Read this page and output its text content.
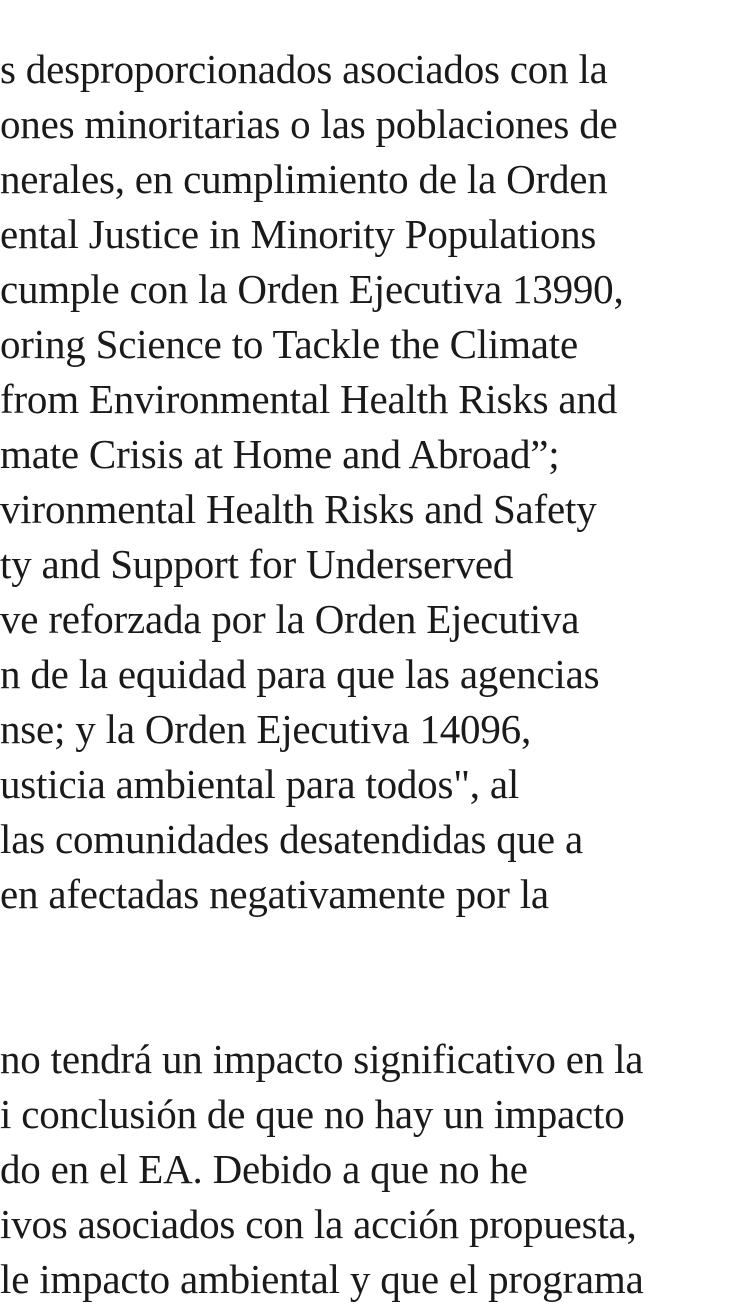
s desproporcionados asociados con la
ones minoritarias o las poblaciones de
nerales, en cumplimiento de la Orden
ental Justice in Minority Populations
cumple con la Orden Ejecutiva 13990,
oring Science to Tackle the Climate
from Environmental Health Risks and
mate Crisis at Home and Abroad”;
vironmental Health Risks and Safety
ty and Support for Underserved
ve reforzada por la Orden Ejecutiva
n de la equidad para que las agencias
nse; y la Orden Ejecutiva 14096,
usticia ambiental para todos", al
las comunidades desatendidas que a
en afectadas negativamente por la
no tendrá un impacto significativo en la
i conclusión de que no hay un impacto
do en el EA. Debido a que no he
ivos asociados con la acción propuesta,
le impacto ambiental y que el programa
